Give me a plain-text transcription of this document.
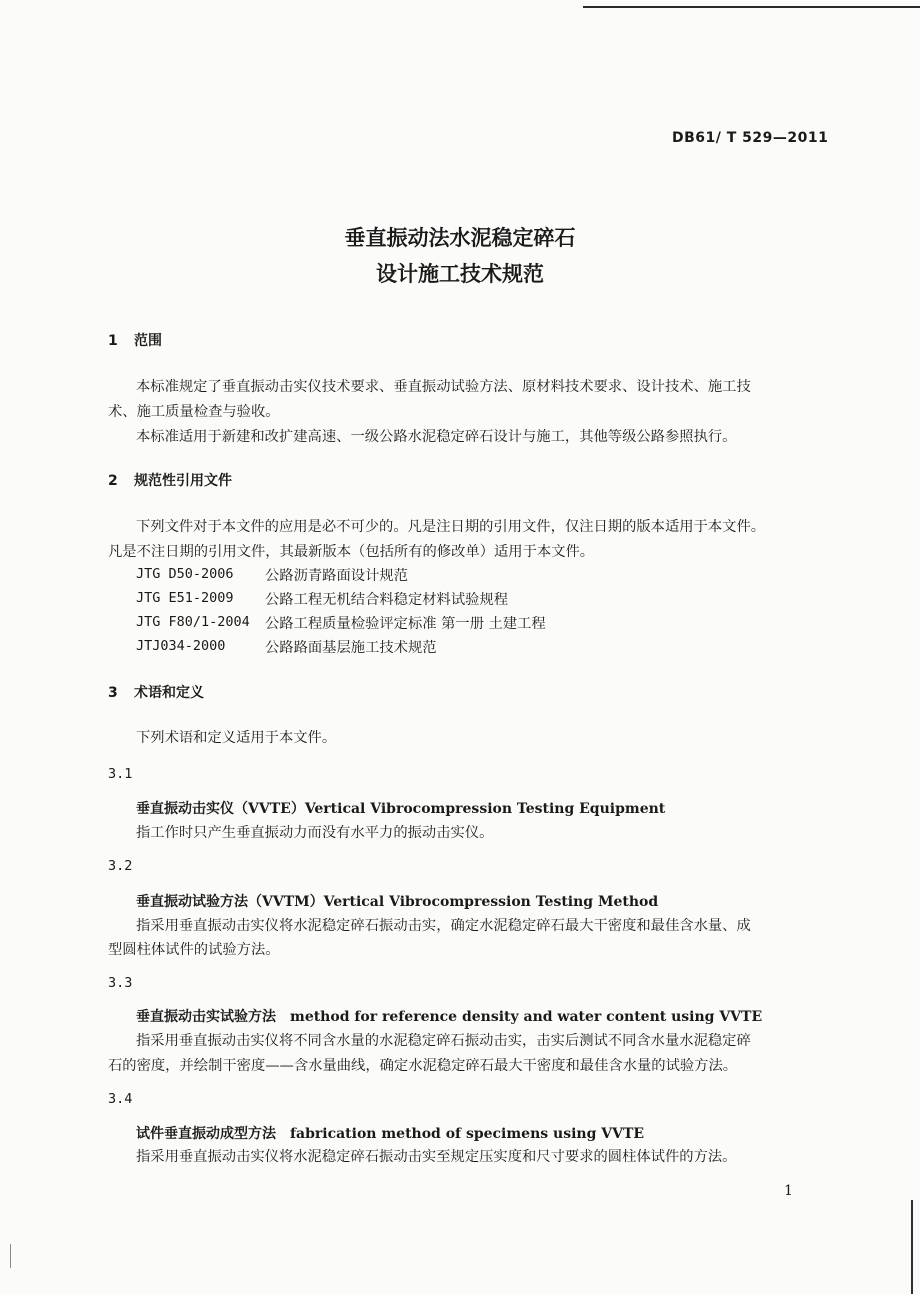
DB61/ T 529—2011
垂直振动法水泥稳定碎石
设计施工技术规范
1 范围
本标准规定了垂直振动击实仪技术要求、垂直振动试验方法、原材料技术要求、设计技术、施工技
术、施工质量检查与验收。
本标准适用于新建和改扩建高速、一级公路水泥稳定碎石设计与施工，其他等级公路参照执行。
2 规范性引用文件
下列文件对于本文件的应用是必不可少的。凡是注日期的引用文件，仅注日期的版本适用于本文件。
凡是不注日期的引用文件，其最新版本（包括所有的修改单）适用于本文件。
JTG D50-2006 公路沥青路面设计规范
JTG E51-2009 公路工程无机结合料稳定材料试验规程
JTG F80/1-2004 公路工程质量检验评定标准 第一册 土建工程
JTJ034-2000	公路路面基层施工技术规范
3 术语和定义
下列术语和定义适用于本文件。
3.1
垂直振动击实仪（VVTE）Vertical Vibrocompression Testing Equipment
指工作时只产生垂直振动力而没有水平力的振动击实仪。
3.2
垂直振动试验方法（VVTM）Vertical Vibrocompression Testing Method
指采用垂直振动击实仪将水泥稳定碎石振动击实，确定水泥稳定碎石最大干密度和最佳含水量、成
型圆柱体试件的试验方法。
3.3
垂直振动击实试验方法　method for reference density and water content using VVTE
指采用垂直振动击实仪将不同含水量的水泥稳定碎石振动击实，击实后测试不同含水量水泥稳定碎
石的密度，并绘制干密度——含水量曲线，确定水泥稳定碎石最大干密度和最佳含水量的试验方法。
3.4
试件垂直振动成型方法　fabrication method of specimens using VVTE
指采用垂直振动击实仪将水泥稳定碎石振动击实至规定压实度和尺寸要求的圆柱体试件的方法。
1
